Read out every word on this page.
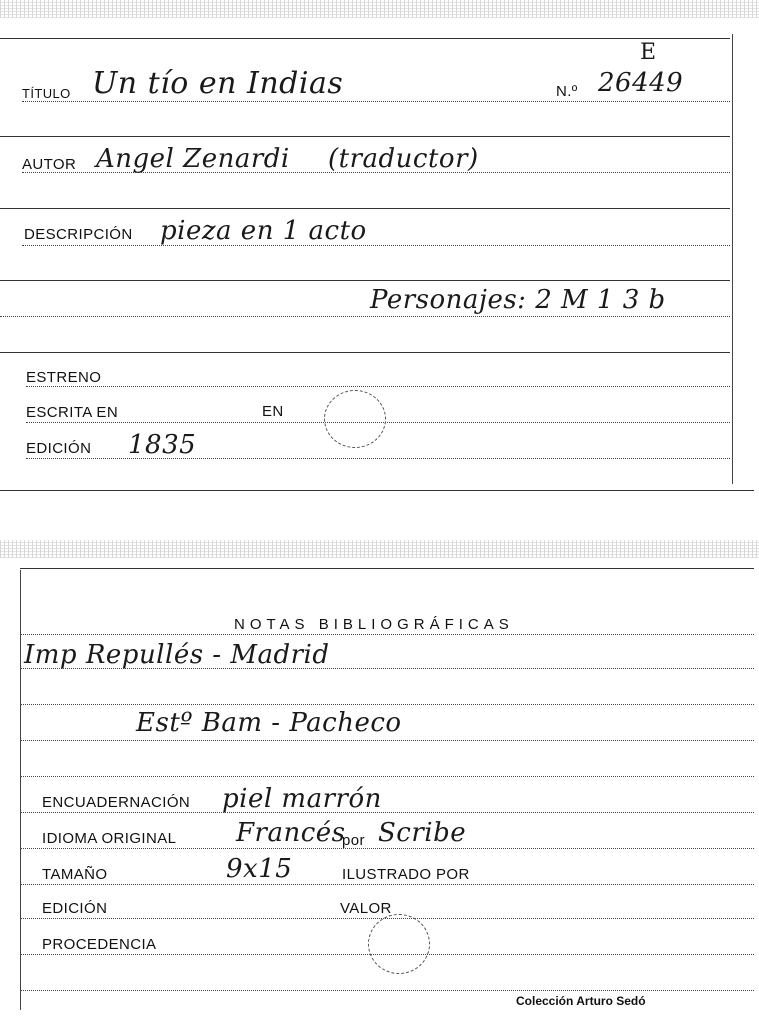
TÍTULO Un tío en Indias	N.º 26449
E
AUTOR Angel Zenardi (traductor)
DESCRIPCIÓN pieza en 1 acto
Personajes: 2 M 1 3 b
ESTRENO
ESCRITA EN	EN
EDICIÓN 1835
NOTAS BIBLIOGRÁFICAS
Imp Repullés - Madrid
Estº Bam - Pacheco
ENCUADERNACIÓN piel marrón
IDIOMA ORIGINAL Francés
por Scribe
TAMAÑO	9x15	ILUSTRADO POR
EDICIÓN	VALOR
PROCEDENCIA
Colección Arturo Sedó
